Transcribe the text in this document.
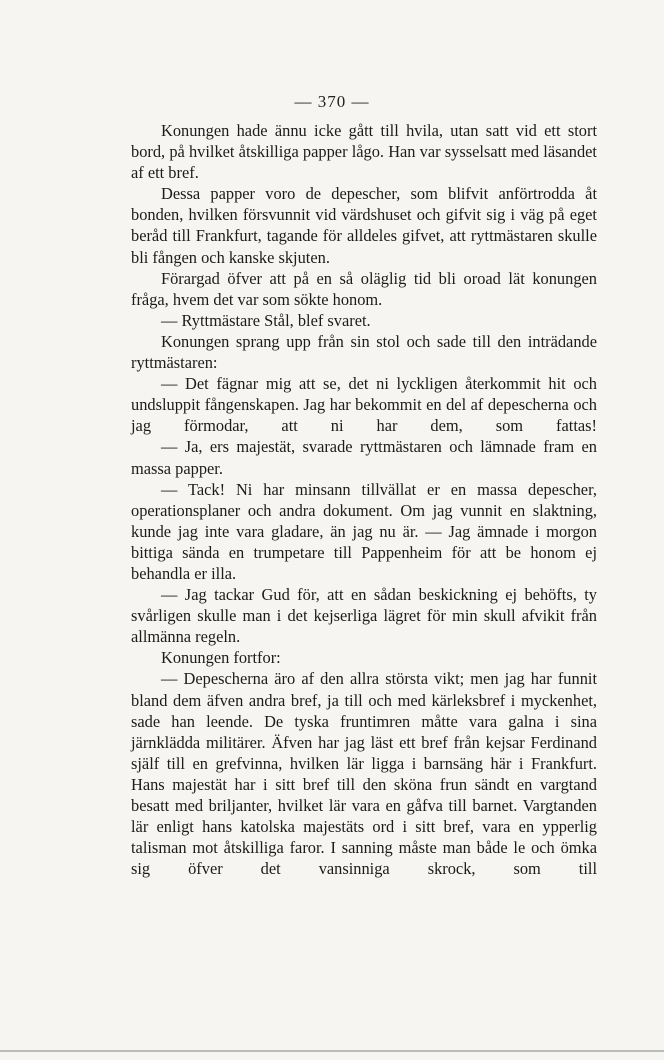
— 370 —

Konungen hade ännu icke gått till hvila, utan satt vid ett stort bord, på hvilket åtskilliga papper lågo. Han var sysselsatt med läsandet af ett bref.

Dessa papper voro de depescher, som blifvit anförtrodda åt bonden, hvilken försvunnit vid värdshuset och gifvit sig i väg på eget beråd till Frankfurt, tagande för alldeles gifvet, att ryttmästaren skulle bli fången och kanske skjuten.

Förargad öfver att på en så oläglig tid bli oroad lät konungen fråga, hvem det var som sökte honom.

— Ryttmästare Stål, blef svaret.

Konungen sprang upp från sin stol och sade till den inträdande ryttmästaren:

— Det fägnar mig att se, det ni lyckligen återkommit hit och undsluppit fångenskapen. Jag har bekommit en del af depescherna och jag förmodar, att ni har dem, som fattas!

— Ja, ers majestät, svarade ryttmästaren och lämnade fram en massa papper.

— Tack! Ni har minsann tillvällat er en massa depescher, operationsplaner och andra dokument. Om jag vunnit en slaktning, kunde jag inte vara gladare, än jag nu är. — Jag ämnade i morgon bittiga sända en trumpetare till Pappenheim för att be honom ej behandla er illa.

— Jag tackar Gud för, att en sådan beskickning ej behöfts, ty svårligen skulle man i det kejserliga lägret för min skull afvikit från allmänna regeln.

Konungen fortfor:

— Depescherna äro af den allra största vikt; men jag har funnit bland dem äfven andra bref, ja till och med kärleksbref i myckenhet, sade han leende. De tyska fruntimren måtte vara galna i sina järnklädda militärer. Äfven har jag läst ett bref från kejsar Ferdinand själf till en grefvinna, hvilken lär ligga i barnsäng här i Frankfurt. Hans majestät har i sitt bref till den sköna frun sändt en vargtand besatt med briljanter, hvilket lär vara en gåfva till barnet. Vargtanden lär enligt hans katolska majestäts ord i sitt bref, vara en ypperlig talisman mot åtskilliga faror. I sanning måste man både le och ömka sig öfver det vansinniga skrock, som till
